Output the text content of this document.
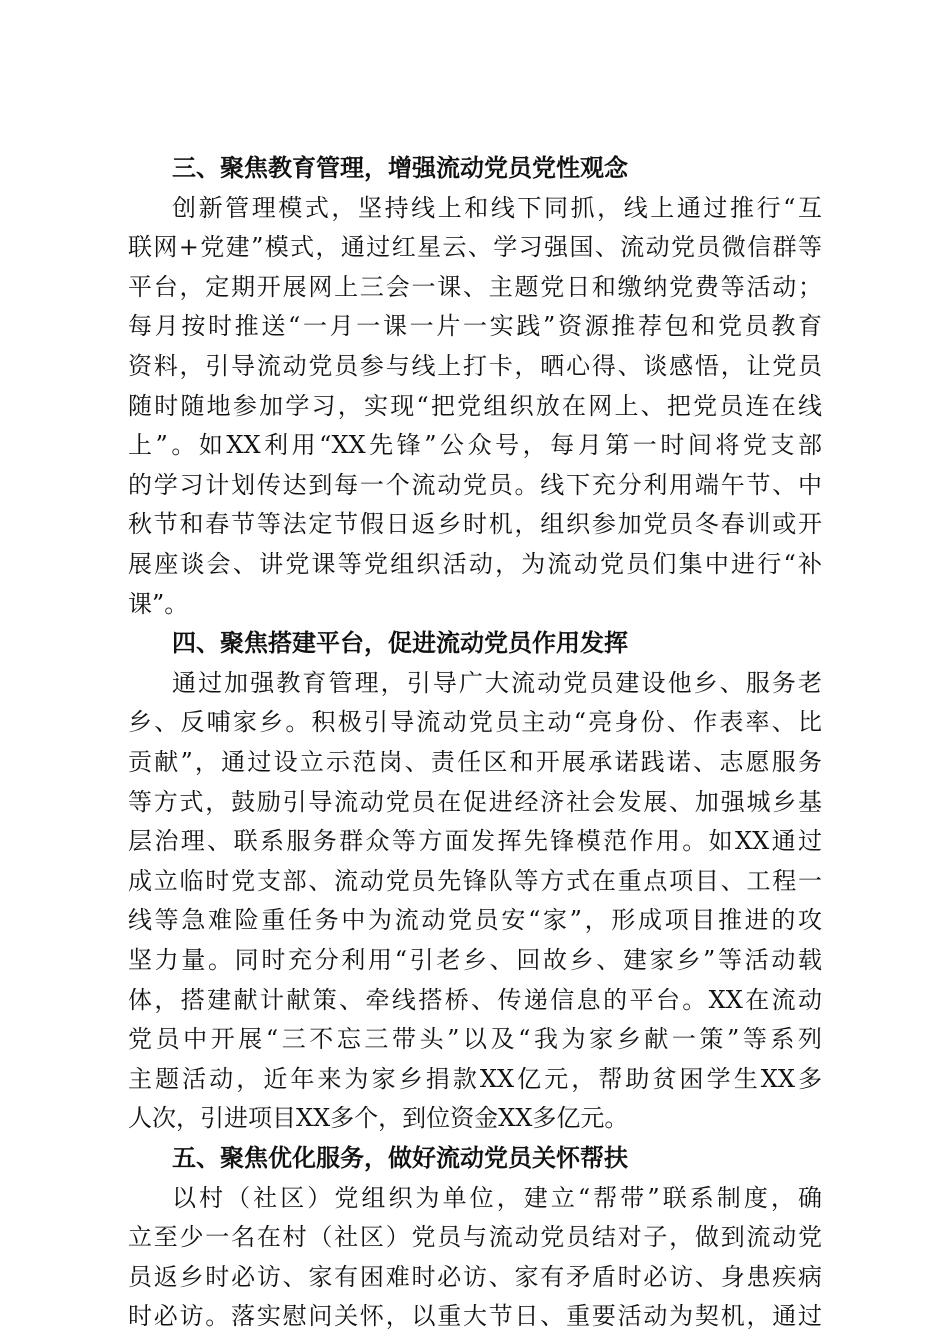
三、聚焦教育管理，增强流动党员党性观念
创新管理模式，坚持线上和线下同抓，线上通过推行“互
联网+党建”模式，通过红星云、学习强国、流动党员微信群等
平台，定期开展网上三会一课、主题党日和缴纳党费等活动；
每月按时推送“一月一课一片一实践”资源推荐包和党员教育
资料，引导流动党员参与线上打卡，晒心得、谈感悟，让党员
随时随地参加学习，实现“把党组织放在网上、把党员连在线
上”。如XX利用“XX先锋”公众号，每月第一时间将党支部
的学习计划传达到每一个流动党员。线下充分利用端午节、中
秋节和春节等法定节假日返乡时机，组织参加党员冬春训或开
展座谈会、讲党课等党组织活动，为流动党员们集中进行“补
课”。
四、聚焦搭建平台，促进流动党员作用发挥
通过加强教育管理，引导广大流动党员建设他乡、服务老
乡、反哺家乡。积极引导流动党员主动“亮身份、作表率、比
贡献”，通过设立示范岗、责任区和开展承诺践诺、志愿服务
等方式，鼓励引导流动党员在促进经济社会发展、加强城乡基
层治理、联系服务群众等方面发挥先锋模范作用。如XX通过
成立临时党支部、流动党员先锋队等方式在重点项目、工程一
线等急难险重任务中为流动党员安“家”，形成项目推进的攻
坚力量。同时充分利用“引老乡、回故乡、建家乡”等活动载
体，搭建献计献策、牵线搭桥、传递信息的平台。XX在流动
党员中开展“三不忘三带头”以及“我为家乡献一策”等系列
主题活动，近年来为家乡捐款XX亿元，帮助贫困学生XX多
人次，引进项目XX多个，到位资金XX多亿元。
五、聚焦优化服务，做好流动党员关怀帮扶
以村（社区）党组织为单位，建立“帮带”联系制度，确
立至少一名在村（社区）党员与流动党员结对子，做到流动党
员返乡时必访、家有困难时必访、家有矛盾时必访、身患疾病
时必访。落实慰问关怀，以重大节日、重要活动为契机，通过
